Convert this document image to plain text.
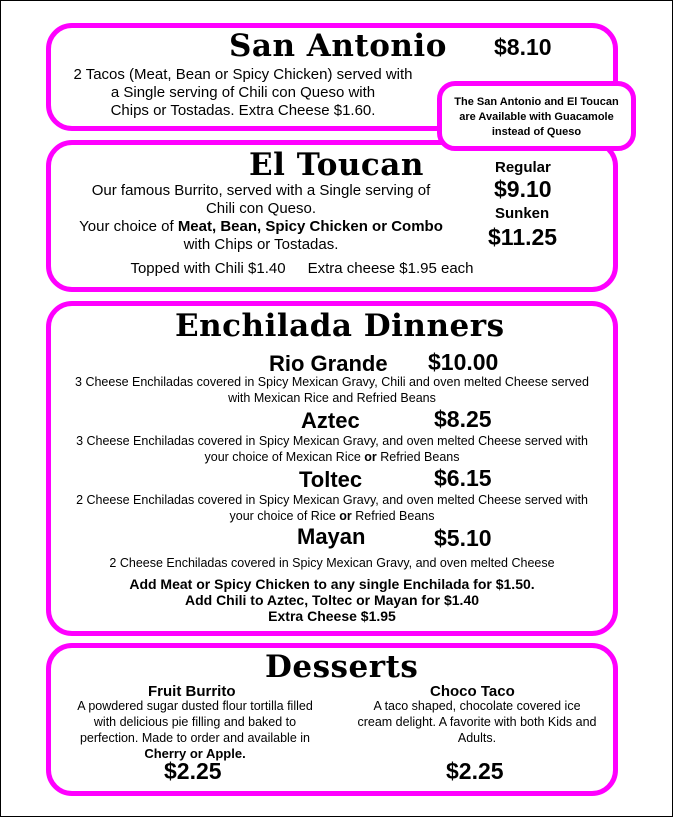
San Antonio $8.10
2 Tacos (Meat, Bean or Spicy Chicken) served with
a Single serving of Chili con Queso with
Chips or Tostadas. Extra Cheese $1.60.	The San Antonio and El Toucan
are Available with Guacamole
instead of Queso
El Toucan
Our famous Burrito, served with a Single serving of
Chili con Queso.
Your choice of Meat, Bean, Spicy Chicken or Combo
with Chips or Tostadas.
Topped with Chili $1.40 Extra cheese $1.95 each
Regular
$9.10
Sunken
$11.25
Enchilada Dinners
Rio Grande $10.00
3 Cheese Enchiladas covered in Spicy Mexican Gravy, Chili and oven melted Cheese served
with Mexican Rice and Refried Beans
Aztec	$8.25
3 Cheese Enchiladas covered in Spicy Mexican Gravy, and oven melted Cheese served with
your choice of Mexican Rice or Refried Beans
Toltec	$6.15
2 Cheese Enchiladas covered in Spicy Mexican Gravy, and oven melted Cheese served with
your choice of Rice or Refried Beans
Mayan	$5.10
2 Cheese Enchiladas covered in Spicy Mexican Gravy, and oven melted Cheese
Add Meat or Spicy Chicken to any single Enchilada for $1.50.
Add Chili to Aztec, Toltec or Mayan for $1.40
Extra Cheese $1.95
Desserts
Fruit Burrito
A powdered sugar dusted flour tortilla filled
with delicious pie filling and baked to
perfection. Made to order and available in
Cherry or Apple.
$2.25
Choco Taco
A taco shaped, chocolate covered ice
cream delight. A favorite with both Kids and
Adults.
$2.25
